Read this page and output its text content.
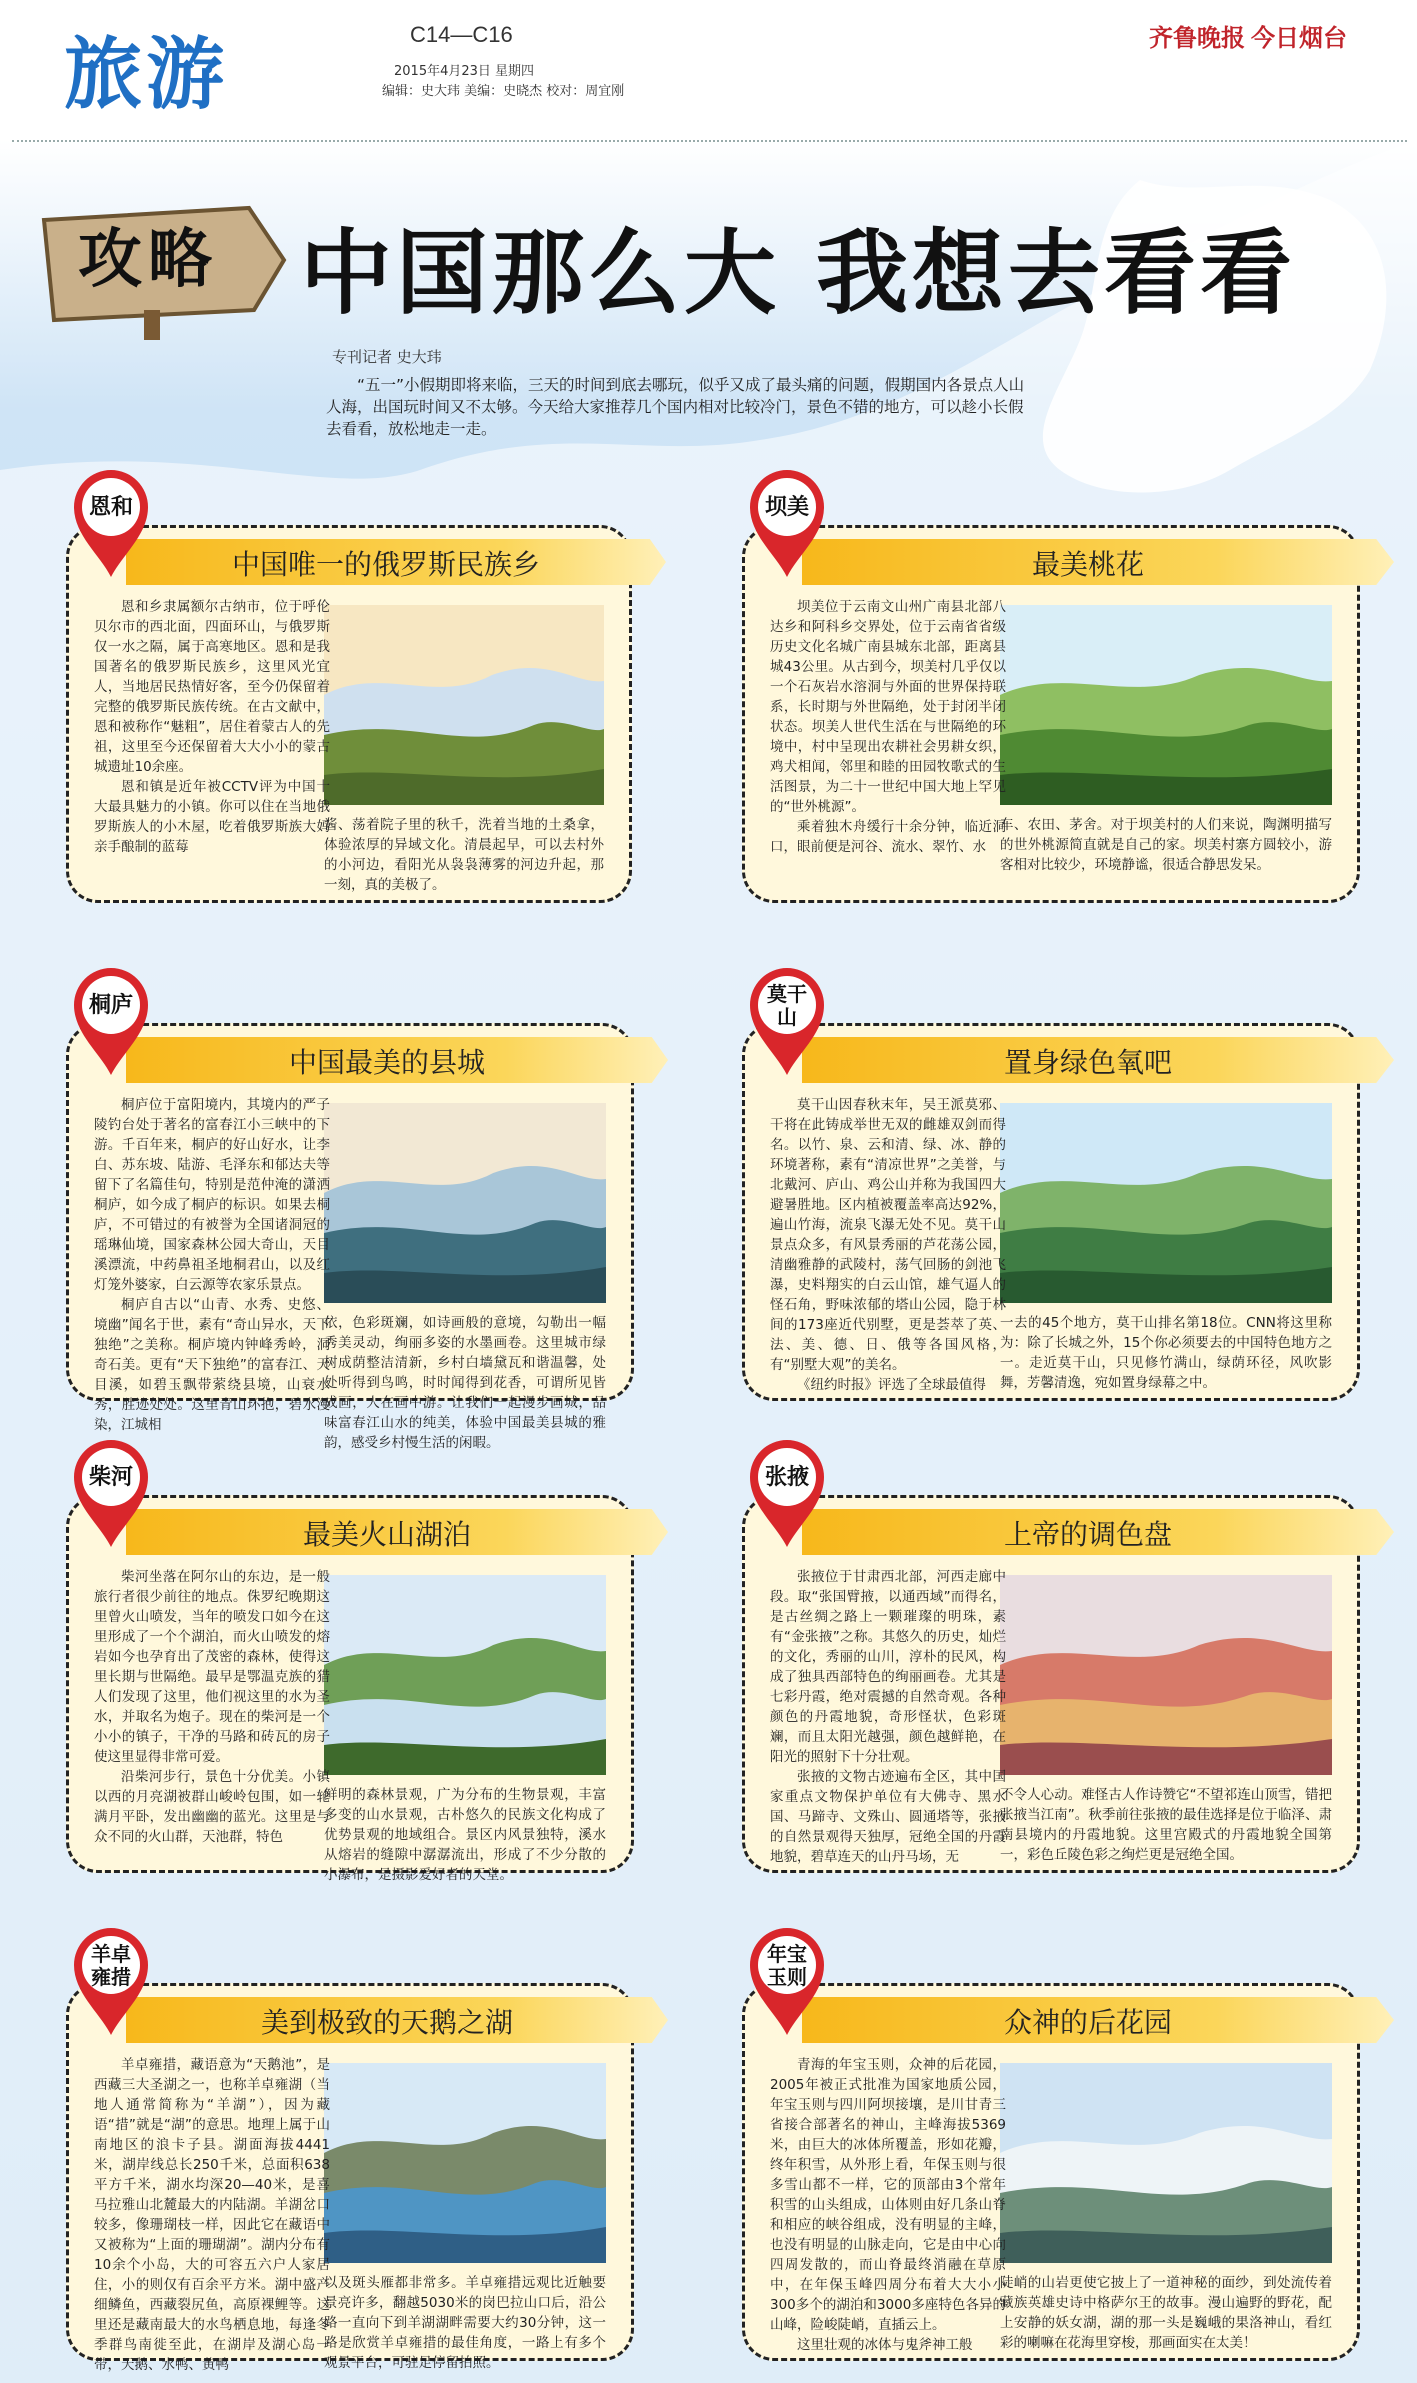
旅游	C14—C16
2015年4月23日 星期四
编辑：史大玮 美编：史晓杰 校对：周宜刚
齐鲁晚报 今日烟台
攻略 中国那么大 我想去看看
专刊记者 史大玮
“五一”小假期即将来临，三天的时间到底去哪玩，似乎又成了最头痛的问题，假期国内各景点人山人海，出国玩时间又不太够。今天给大家推荐几个国内相对比较冷门，景色不错的地方，可以趁小长假去看看，放松地走一走。
中国唯一的俄罗斯民族乡
恩和

恩和乡隶属额尔古纳市，位于呼伦贝尔市的西北面，四面环山，与俄罗斯仅一水之隔，属于高寒地区。恩和是我国著名的俄罗斯民族乡，这里风光宜人，当地居民热情好客，至今仍保留着完整的俄罗斯民族传统。在古文献中，恩和被称作“魅粗”，居住着蒙古人的先祖，这里至今还保留着大大小小的蒙古城遗址10余座。

恩和镇是近年被CCTV评为中国十大最具魅力的小镇。你可以住在当地俄罗斯族人的小木屋，吃着俄罗斯族大妈亲手酿制的蓝莓

酱、荡着院子里的秋千，洗着当地的土桑拿，体验浓厚的异域文化。清晨起早，可以去村外的小河边，看阳光从袅袅薄雾的河边升起，那一刻，真的美极了。

最美桃花
坝美

坝美位于云南文山州广南县北部八达乡和阿科乡交界处，位于云南省省级历史文化名城广南县城东北部，距离县城43公里。从古到今，坝美村几乎仅以一个石灰岩水溶洞与外面的世界保持联系，长时期与外世隔绝，处于封闭半闭状态。坝美人世代生活在与世隔绝的环境中，村中呈现出农耕社会男耕女织，鸡犬相闻，邻里和睦的田园牧歌式的生活图景，为二十一世纪中国大地上罕见的“世外桃源”。

乘着独木舟缓行十余分钟，临近洞口，眼前便是河谷、流水、翠竹、水

车、农田、茅舍。对于坝美村的人们来说，陶渊明描写的世外桃源简直就是自己的家。坝美村寨方圆较小，游客相对比较少，环境静谧，很适合静思发呆。

中国最美的县城
桐庐

桐庐位于富阳境内，其境内的严子陵钓台处于著名的富春江小三峡中的下游。千百年来，桐庐的好山好水，让李白、苏东坡、陆游、毛泽东和郁达夫等留下了名篇佳句，特别是范仲淹的潇洒桐庐，如今成了桐庐的标识。如果去桐庐，不可错过的有被誉为全国诸洞冠的瑶琳仙境，国家森林公园大奇山，天目溪漂流，中药鼻祖圣地桐君山，以及红灯笼外婆家，白云源等农家乐景点。

桐庐自古以“山青、水秀、史悠、境幽”闻名于世，素有“奇山异水，天下独绝”之美称。桐庐境内钟峰秀岭，洞奇石美。更有“天下独绝”的富春江、天目溪，如碧玉飘带萦绕县境，山衰水秀，胜迹处处。这里青山环抱，碧水漫染，江城相

依，色彩斑斓，如诗画般的意境，勾勒出一幅秀美灵动，绚丽多姿的水墨画卷。这里城市绿树成荫整洁清新，乡村白墙黛瓦和谐温馨，处处听得到鸟鸣，时时闻得到花香，可谓所见皆成画，人在画中游。让我们一起漫步画城，品味富春江山水的纯美，体验中国最美县城的雅韵，感受乡村慢生活的闲暇。

置身绿色氧吧
莫干山

莫干山因春秋末年，吴王派莫邪、干将在此铸成举世无双的雌雄双剑而得名。以竹、泉、云和清、绿、冰、静的环境著称，素有“清凉世界”之美誉，与北戴河、庐山、鸡公山并称为我国四大避暑胜地。区内植被覆盖率高达92%，遍山竹海，流泉飞瀑无处不见。莫干山景点众多，有风景秀丽的芦花荡公园，清幽雅静的武陵村，荡气回肠的剑池飞瀑，史料翔实的白云山馆，雄气逼人的怪石角，野味浓郁的塔山公园，隐于林间的173座近代别墅，更是荟萃了英、法、美、德、日、俄等各国风格，有“别墅大观”的美名。

《纽约时报》评选了全球最值得

一去的45个地方，莫干山排名第18位。CNN将这里称为：除了长城之外，15个你必须要去的中国特色地方之一。走近莫干山，只见修竹满山，绿荫环径，风吹影舞，芳馨清逸，宛如置身绿幕之中。

最美火山湖泊
柴河

柴河坐落在阿尔山的东边，是一般旅行者很少前往的地点。侏罗纪晚期这里曾火山喷发，当年的喷发口如今在这里形成了一个个湖泊，而火山喷发的熔岩如今也孕育出了茂密的森林，使得这里长期与世隔绝。最早是鄂温克族的猎人们发现了这里，他们视这里的水为圣水，并取名为炮子。现在的柴河是一个小小的镇子，干净的马路和砖瓦的房子使这里显得非常可爱。

沿柴河步行，景色十分优美。小镇以西的月亮湖被群山峻岭包围，如一轮满月平卧，发出幽幽的蓝光。这里是与众不同的火山群，天池群，特色

鲜明的森林景观，广为分布的生物景观，丰富多变的山水景观，古朴悠久的民族文化构成了优势景观的地域组合。景区内风景独特，溪水从熔岩的缝隙中潺潺流出，形成了不少分散的小瀑布，是摄影爱好者的天堂。

上帝的调色盘
张掖

张掖位于甘肃西北部，河西走廊中段。取“张国臂掖，以通西域”而得名，是古丝绸之路上一颗璀璨的明珠，素有“金张掖”之称。其悠久的历史，灿烂的文化，秀丽的山川，淳朴的民风，构成了独具西部特色的绚丽画卷。尤其是七彩丹霞，绝对震撼的自然奇观。各种颜色的丹霞地貌，奇形怪状，色彩斑斓，而且太阳光越强，颜色越鲜艳，在阳光的照射下十分壮观。

张掖的文物古迹遍布全区，其中国家重点文物保护单位有大佛寺、黑水国、马蹄寺、文殊山、圆通塔等，张掖的自然景观得天独厚，冠绝全国的丹霞地貌，碧草连天的山丹马场，无

不令人心动。难怪古人作诗赞它“不望祁连山顶雪，错把张掖当江南”。秋季前往张掖的最佳选择是位于临泽、肃南县境内的丹霞地貌。这里宫殿式的丹霞地貌全国第一，彩色丘陵色彩之绚烂更是冠绝全国。

美到极致的天鹅之湖
羊卓雍措

羊卓雍措，藏语意为“天鹅池”，是西藏三大圣湖之一，也称羊卓雍湖（当地人通常简称为“羊湖”），因为藏语“措”就是“湖”的意思。地理上属于山南地区的浪卡子县。湖面海拔4441米，湖岸线总长250千米，总面积638平方千米，湖水均深20—40米，是喜马拉雅山北麓最大的内陆湖。羊湖岔口较多，像珊瑚枝一样，因此它在藏语中又被称为“上面的珊瑚湖”。湖内分布有10余个小岛，大的可容五六户人家居住，小的则仅有百余平方米。湖中盛产细鳞鱼，西藏裂尻鱼，高原裸鲤等。这里还是藏南最大的水鸟栖息地，每逢冬季群鸟南徙至此，在湖岸及湖心岛一带，天鹅、水鸭、黄鸭

以及斑头雁都非常多。羊卓雍措远观比近触要景亮许多，翻越5030米的岗巴拉山口后，沿公路一直向下到羊湖湖畔需要大约30分钟，这一路是欣赏羊卓雍措的最佳角度，一路上有多个观景平台，可驻足停留拍照。

众神的后花园
年宝玉则

青海的年宝玉则，众神的后花园，2005年被正式批准为国家地质公园，年宝玉则与四川阿坝接壤，是川甘青三省接合部著名的神山，主峰海拔5369米，由巨大的冰体所覆盖，形如花瓣，终年积雪，从外形上看，年保玉则与很多雪山都不一样，它的顶部由3个常年积雪的山头组成，山体则由好几条山脊和相应的峡谷组成，没有明显的主峰，也没有明显的山脉走向，它是由中心向四周发散的，而山脊最终消融在草原中，在年保玉峰四周分布着大大小小300多个的湖泊和3000多座特色各异的山峰，险峻陡峭，直插云上。

这里壮观的冰体与鬼斧神工般

陡峭的山岩更使它披上了一道神秘的面纱，到处流传着藏族英雄史诗中格萨尔王的故事。漫山遍野的野花，配上安静的妖女湖，湖的那一头是巍峨的果洛神山，看红彩的喇嘛在花海里穿梭，那画面实在太美！
